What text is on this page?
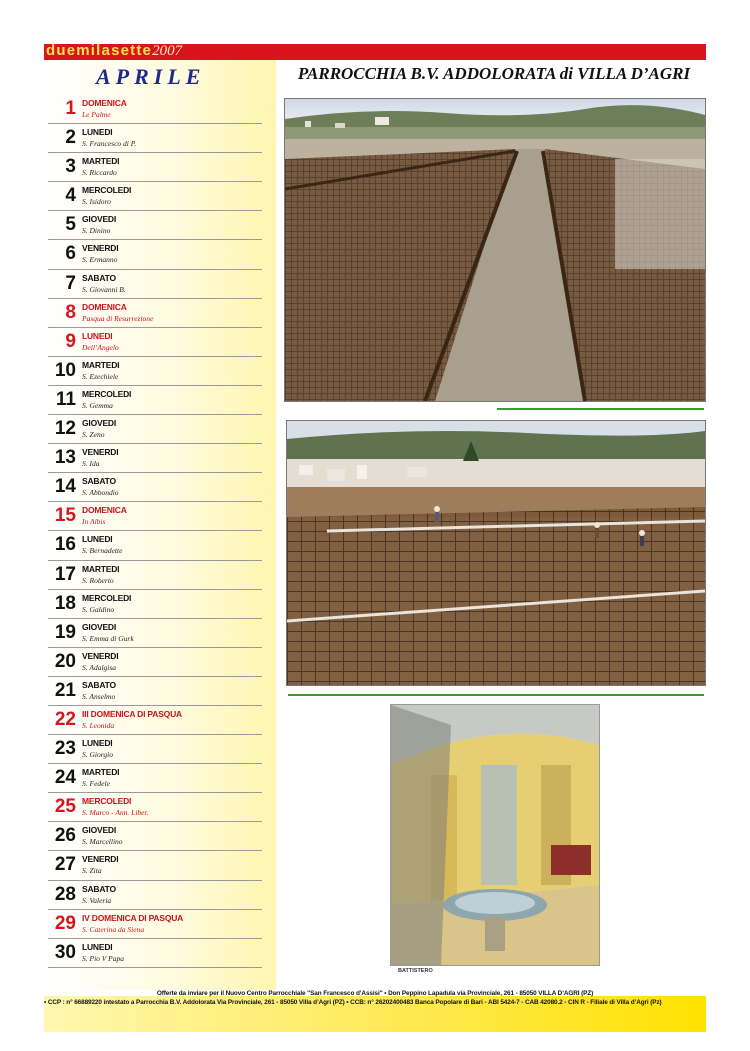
duemilasette2007
APRILE
1 DOMENICA
Le Palme
2 LUNEDI
S. Francesco di P.
3 MARTEDI
S. Riccardo
4 MERCOLEDI
S. Isidoro
5 GIOVEDI
S. Dinino
6 VENERDI
S. Ermanno
7 SABATO
S. Giovanni B.
8 DOMENICA
Pasqua di Resurrezione
9 LUNEDI
Dell’Angelo
10 MARTEDI
S. Ezechiele
11 MERCOLEDI
S. Gemma
12 GIOVEDI
S. Zeno
13 VENERDI
S. Ida
14 SABATO
S. Abbondio
15 DOMENICA
In Albis
16 LUNEDI
S. Bernadette
17 MARTEDI
S. Roberto
18 MERCOLEDI
S. Galdino
19 GIOVEDI
S. Emma di Gurk
20 VENERDI
S. Adalgisa
21 SABATO
S. Anselmo
22 III DOMENICA DI PASQUA
S. Leonida
23 LUNEDI
S. Giorgio
24 MARTEDI
S. Fedele
25 MERCOLEDI
S. Marco - Ann. Liber.
26 GIOVEDI
S. Marcellino
27 VENERDI
S. Zita
28 SABATO
S. Valeria
29 IV DOMENICA DI PASQUA
S. Caterina da Siena
30 LUNEDI
S. Pio V Papa
PARROCCHIA B.V. ADDOLORATA di VILLA D’AGRI
BATTISTERO
Offerte da inviare per il Nuovo Centro Parrocchiale "San Francesco d’Assisi" • Don Peppino Lapadula via Provinciale, 261 - 85050 VILLA D’AGRI (PZ)
• CCP : n° 66889220 intestato a Parrocchia B.V. Addolorata Via Provinciale, 261 - 85050 Villa d’Agri (PZ) • CCB: n° 26202400483 Banca Popolare di Bari - ABI 5424-7 - CAB 42080.2 - CIN R - Filiale di Villa d’Agri (Pz)
